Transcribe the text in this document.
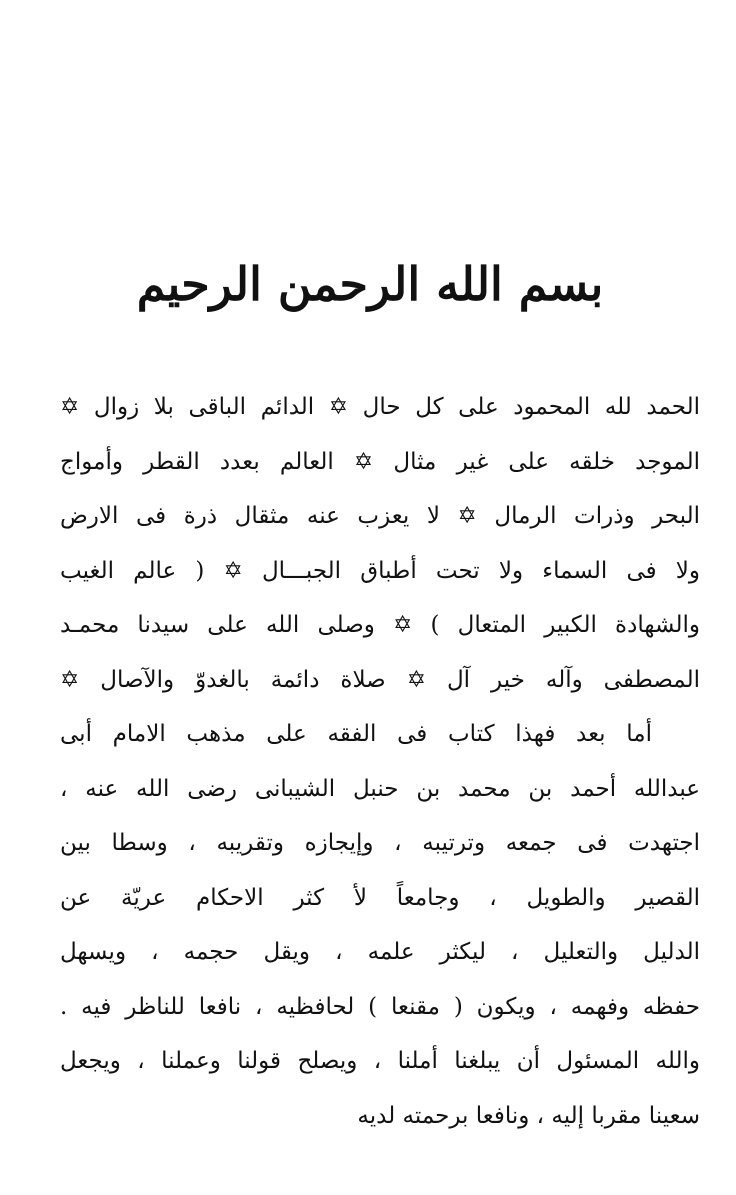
بسم الله الرحمن الرحيم
الحمد لله المحمود على كل حال ✡ الدائم الباقى بلا زوال ✡
الموجد خلقه على غير مثال ✡ العالم بعدد القطر وأمواج
البحر وذرات الرمال ✡ لا يعزب عنه مثقال ذرة فى الارض
ولا فى السماء ولا تحت أطباق الجبـــال ✡ ( عالم الغيب
والشهادة الكبير المتعال ) ✡ وصلى الله على سيدنا محمـد
المصطفى وآله خير آل ✡ صلاة دائمة بالغدوّ والآصال ✡
أما بعد فهذا كتاب فى الفقه على مذهب الامام أبى
عبدالله أحمد بن محمد بن حنبل الشيبانى رضى الله عنه ،
اجتهدت فى جمعه وترتيبه ، وإيجازه وتقريبه ، وسطا بين
القصير والطويل ، وجامعاً لأ كثر الاحكام عريّة عن
الدليل والتعليل ، ليكثر علمه ، ويقل حجمه ، ويسهل
حفظه وفهمه ، ويكون ( مقنعا ) لحافظيه ، نافعا للناظر فيه .
والله المسئول أن يبلغنا أملنا ، ويصلح قولنا وعملنا ، ويجعل
سعينا مقربا إليه ، ونافعا برحمته لديه
